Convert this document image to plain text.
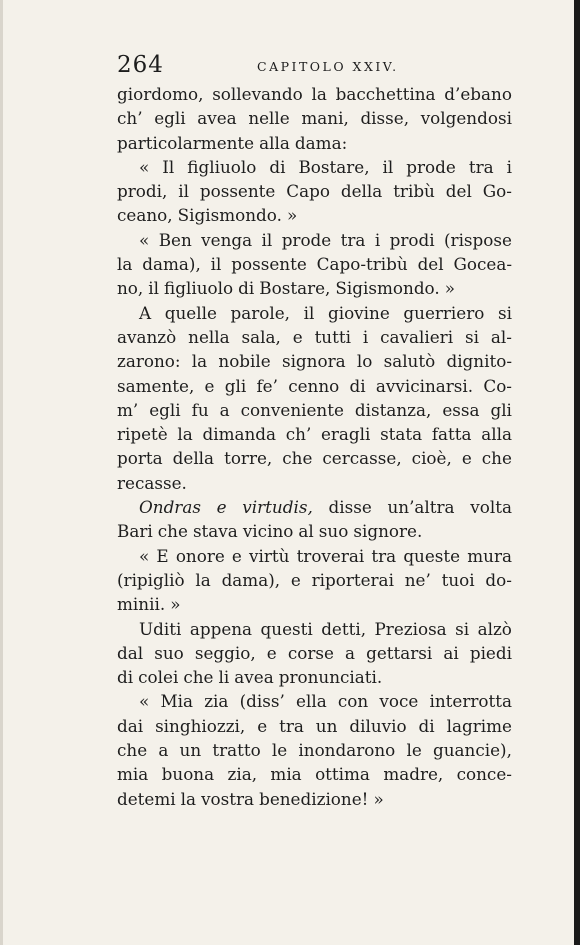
264	CAPITOLO XXIV.
giordomo, sollevando la bacchettina d’ebano
ch’ egli avea nelle mani, disse, volgendosi
particolarmente alla dama:
« Il figliuolo di Bostare, il prode tra i
prodi, il possente Capo della tribù del Go-
ceano, Sigismondo. »
« Ben venga il prode tra i prodi (rispose
la dama), il possente Capo-tribù del Gocea-
no, il figliuolo di Bostare, Sigismondo. »
A quelle parole, il giovine guerriero si
avanzò nella sala, e tutti i cavalieri si al-
zarono: la nobile signora lo salutò dignito-
samente, e gli fe’ cenno di avvicinarsi. Co-
m’ egli fu a conveniente distanza, essa gli
ripetè la dimanda ch’ eragli stata fatta alla
porta della torre, che cercasse, cioè, e che
recasse.
Ondras e virtudis, disse un’altra volta
Bari che stava vicino al suo signore.
« E onore e virtù troverai tra queste mura
(ripigliò la dama), e riporterai ne’ tuoi do-
minii. »
Uditi appena questi detti, Preziosa si alzò
dal suo seggio, e corse a gettarsi ai piedi
di colei che li avea pronunciati.
« Mia zia (diss’ ella con voce interrotta
dai singhiozzi, e tra un diluvio di lagrime
che a un tratto le inondarono le guancie),
mia buona zia, mia ottima madre, conce-
detemi la vostra benedizione! »
